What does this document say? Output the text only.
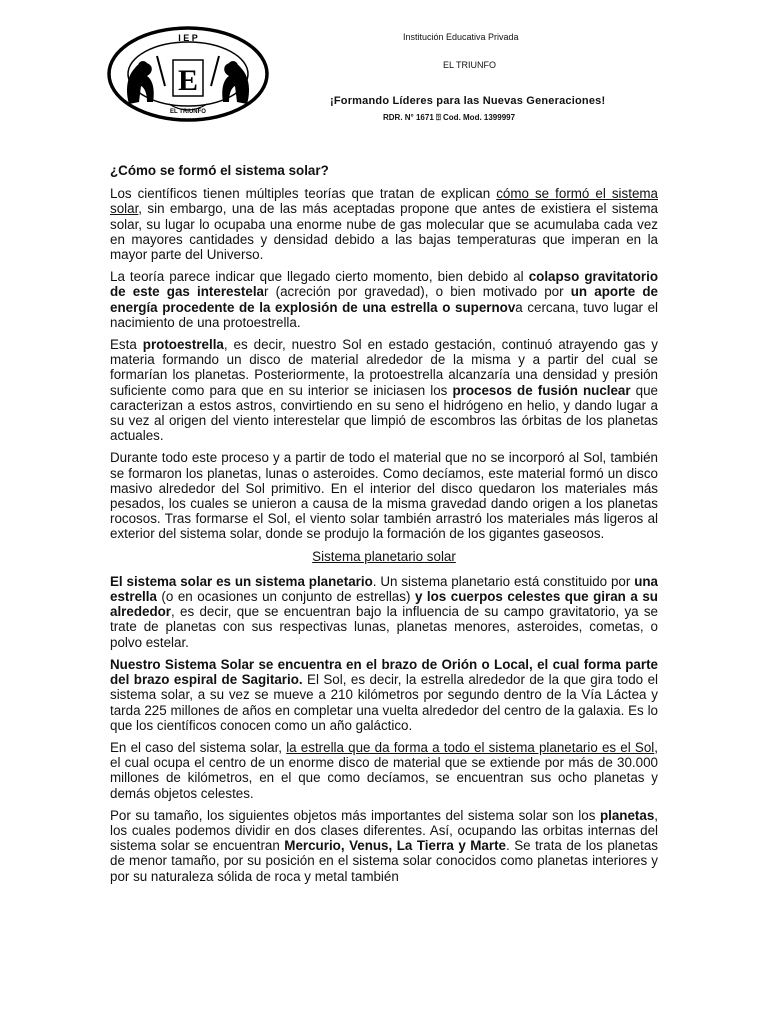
I E P
E
EL TRIUNFO
Institución Educativa Privada
EL TRIUNFO
¡Formando Líderes para las Nuevas Generaciones!
RDR. N° 1671 ⍰ Cod. Mod. 1399997
¿Cómo se formó el sistema solar?

Los científicos tienen múltiples teorías que tratan de explican cómo se formó el sistema solar, sin embargo, una de las más aceptadas propone que antes de existiera el sistema solar, su lugar lo ocupaba una enorme nube de gas molecular que se acumulaba cada vez en mayores cantidades y densidad debido a las bajas temperaturas que imperan en la mayor parte del Universo.

La teoría parece indicar que llegado cierto momento, bien debido al colapso gravitatorio de este gas interestelar (acreción por gravedad), o bien motivado por un aporte de energía procedente de la explosión de una estrella o supernova cercana, tuvo lugar el nacimiento de una protoestrella.

Esta protoestrella, es decir, nuestro Sol en estado gestación, continuó atrayendo gas y materia formando un disco de material alrededor de la misma y a partir del cual se formarían los planetas. Posteriormente, la protoestrella alcanzaría una densidad y presión suficiente como para que en su interior se iniciasen los procesos de fusión nuclear que caracterizan a estos astros, convirtiendo en su seno el hidrógeno en helio, y dando lugar a su vez al origen del viento interestelar que limpió de escombros las órbitas de los planetas actuales.

Durante todo este proceso y a partir de todo el material que no se incorporó al Sol, también se formaron los planetas, lunas o asteroides. Como decíamos, este material formó un disco masivo alrededor del Sol primitivo. En el interior del disco quedaron los materiales más pesados, los cuales se unieron a causa de la misma gravedad dando origen a los planetas rocosos. Tras formarse el Sol, el viento solar también arrastró los materiales más ligeros al exterior del sistema solar, donde se produjo la formación de los gigantes gaseosos.

Sistema planetario solar

El sistema solar es un sistema planetario. Un sistema planetario está constituido por una estrella (o en ocasiones un conjunto de estrellas) y los cuerpos celestes que giran a su alrededor, es decir, que se encuentran bajo la influencia de su campo gravitatorio, ya se trate de planetas con sus respectivas lunas, planetas menores, asteroides, cometas, o polvo estelar.

Nuestro Sistema Solar se encuentra en el brazo de Orión o Local, el cual forma parte del brazo espiral de Sagitario. El Sol, es decir, la estrella alrededor de la que gira todo el sistema solar, a su vez se mueve a 210 kilómetros por segundo dentro de la Vía Láctea y tarda 225 millones de años en completar una vuelta alrededor del centro de la galaxia. Es lo que los científicos conocen como un año galáctico.

En el caso del sistema solar, la estrella que da forma a todo el sistema planetario es el Sol, el cual ocupa el centro de un enorme disco de material que se extiende por más de 30.000 millones de kilómetros, en el que como decíamos, se encuentran sus ocho planetas y demás objetos celestes.

Por su tamaño, los siguientes objetos más importantes del sistema solar son los planetas, los cuales podemos dividir en dos clases diferentes. Así, ocupando las orbitas internas del sistema solar se encuentran Mercurio, Venus, La Tierra y Marte. Se trata de los planetas de menor tamaño, por su posición en el sistema solar conocidos como planetas interiores y por su naturaleza sólida de roca y metal también
